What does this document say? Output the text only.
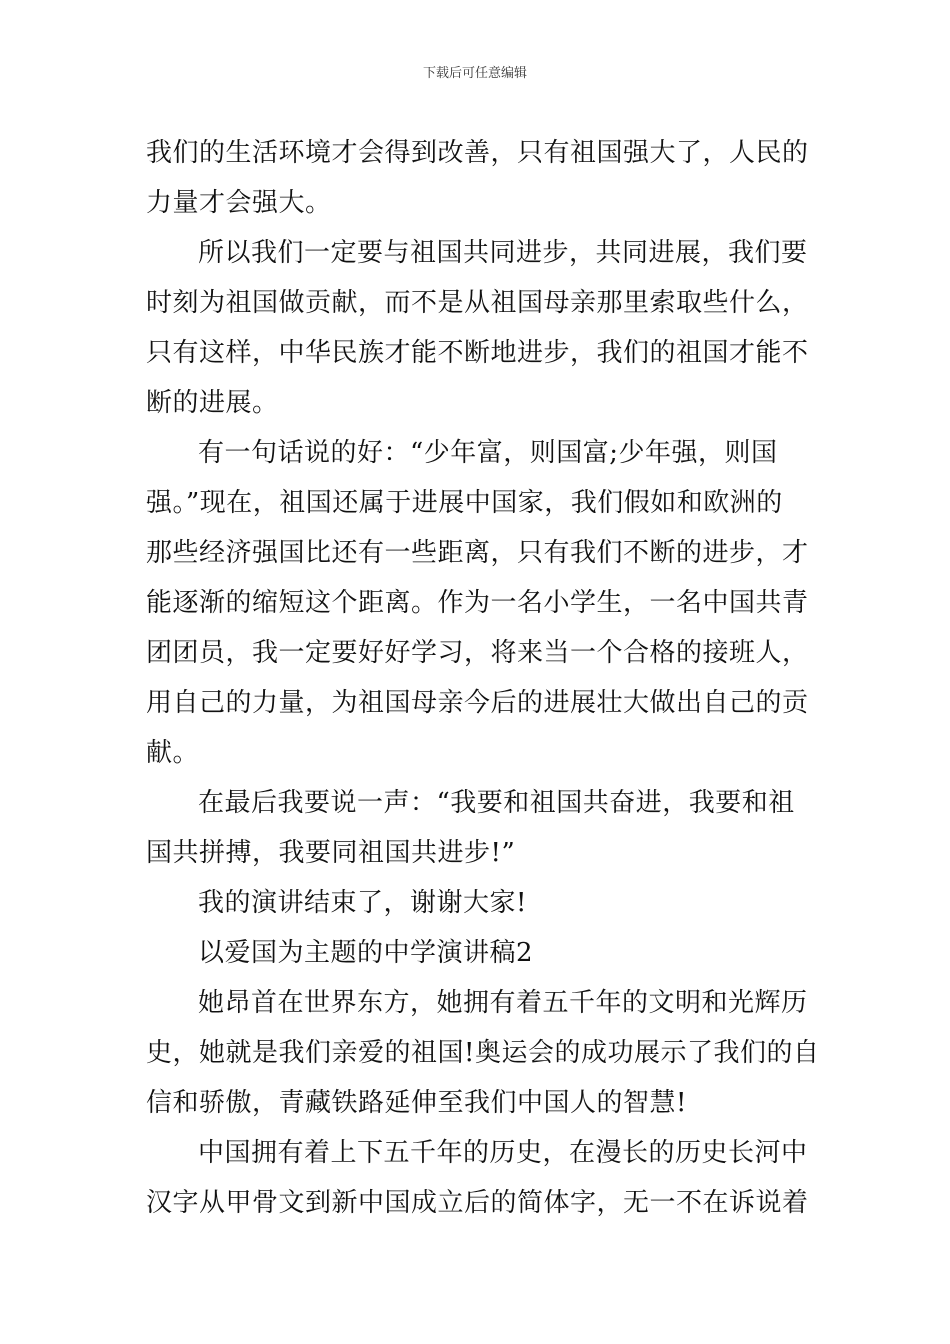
下载后可任意编辑
我们的生活环境才会得到改善，只有祖国强大了，人民的
力量才会强大。
所以我们一定要与祖国共同进步，共同进展，我们要
时刻为祖国做贡献，而不是从祖国母亲那里索取些什么，
只有这样，中华民族才能不断地进步，我们的祖国才能不
断的进展。
有一句话说的好：“少年富，则国富;少年强，则国
强。”现在，祖国还属于进展中国家，我们假如和欧洲的
那些经济强国比还有一些距离，只有我们不断的进步，才
能逐渐的缩短这个距离。作为一名小学生，一名中国共青
团团员，我一定要好好学习，将来当一个合格的接班人，
用自己的力量，为祖国母亲今后的进展壮大做出自己的贡
献。
在最后我要说一声：“我要和祖国共奋进，我要和祖
国共拼搏，我要同祖国共进步!”
我的演讲结束了，谢谢大家!
以爱国为主题的中学演讲稿2
她昂首在世界东方，她拥有着五千年的文明和光辉历
史，她就是我们亲爱的祖国!奥运会的成功展示了我们的自
信和骄傲，青藏铁路延伸至我们中国人的智慧!
中国拥有着上下五千年的历史，在漫长的历史长河中
汉字从甲骨文到新中国成立后的简体字，无一不在诉说着
